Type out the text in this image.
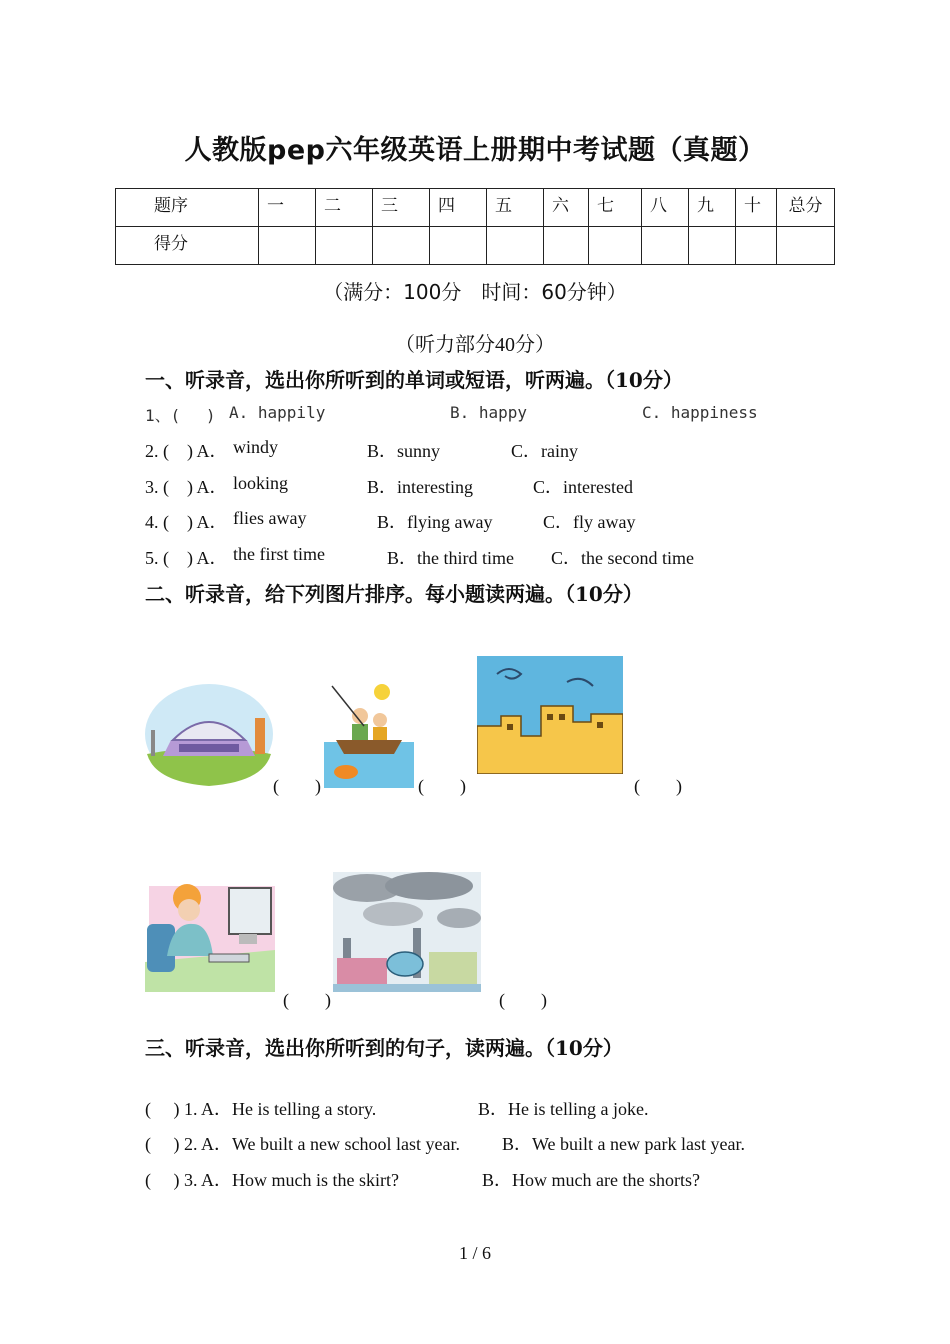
人教版pep六年级英语上册期中考试题（真题）
题序	一	二	三	四	五	六	七	八	九	十	总分
得分											
（满分：100分　时间：60分钟）
（听力部分40分）
一、听录音，选出你所听到的单词或短语，听两遍。（10分）
1、(　 ) A. happily	B. happy	C. happiness
2. (　) A． windy	B．sunny	C．rainy
3. (　) A． looking	B．interesting	C．interested
4. (　) A． flies away	B．flying away	C．fly away
5. (　) A． the first time	B．the third time C．the second time
二、听录音，给下列图片排序。每小题读两遍。（10分）
(　　)	(　　)	(　　)
(　　)	(　　)
三、听录音，选出你所听到的句子，读两遍。（10分）
(　 ) 1. A．He is telling a story.	B．He is telling a joke.
(　 ) 2. A．We built a new school last year. B．We built a new park last year.
(　 ) 3. A．How much is the skirt?	B．How much are the shorts?
1 / 6
